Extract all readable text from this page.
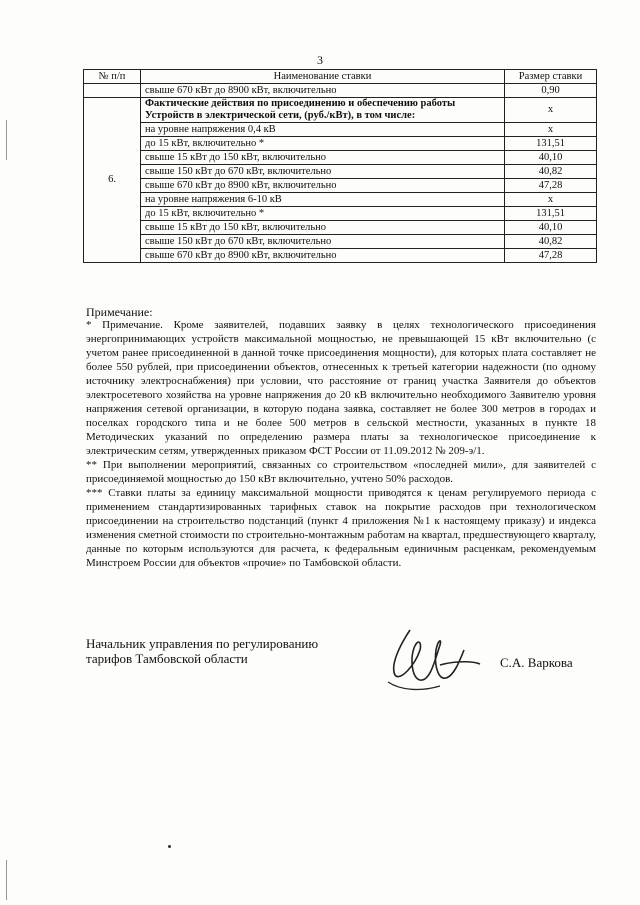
3
№ п/п	Наименование ставки	Размер ставки
	свыше 670 кВт до 8900 кВт, включительно	0,90
6.	Фактические действия по присоединению и обеспечению работы Устройств в электрической сети, (руб./кВт), в том числе:	х
	на уровне напряжения 0,4 кВ	х
	до 15 кВт, включительно *	131,51
	свыше 15 кВт до 150 кВт, включительно	40,10
	свыше 150 кВт до 670 кВт, включительно	40,82
	свыше 670 кВт до 8900 кВт, включительно	47,28
	на уровне напряжения 6-10 кВ	х
	до 15 кВт, включительно *	131,51
	свыше 15 кВт до 150 кВт, включительно	40,10
	свыше 150 кВт до 670 кВт, включительно	40,82
	свыше 670 кВт до 8900 кВт, включительно	47,28
Примечание:

* Примечание. Кроме заявителей, подавших заявку в целях технологического присоединения энергопринимающих устройств максимальной мощностью, не превышающей 15 кВт включительно (с учетом ранее присоединенной в данной точке присоединения мощности), для которых плата составляет не более 550 рублей, при присоединении объектов, отнесенных к третьей категории надежности (по одному источнику электроснабжения) при условии, что расстояние от границ участка Заявителя до объектов электросетевого хозяйства на уровне напряжения до 20 кВ включительно необходимого Заявителю уровня напряжения сетевой организации, в которую подана заявка, составляет не более 300 метров в городах и поселках городского типа и не более 500 метров в сельской местности, указанных в пункте 18 Методических указаний по определению размера платы за технологическое присоединение к электрическим сетям, утвержденных приказом ФСТ России от 11.09.2012 № 209-э/1.

** При выполнении мероприятий, связанных со строительством «последней мили», для заявителей с присоединяемой мощностью до 150 кВт включительно, учтено 50% расходов.

*** Ставки платы за единицу максимальной мощности приводятся к ценам регулируемого периода с применением стандартизированных тарифных ставок на покрытие расходов при технологическом присоединении на строительство подстанций (пункт 4 приложения №1 к настоящему приказу) и индекса изменения сметной стоимости по строительно-монтажным работам на квартал, предшествующего кварталу, данные по которым используются для расчета, к федеральным единичным расценкам, рекомендуемым Минстроем России для объектов «прочие» по Тамбовской области.

Начальник управления по регулированию
тарифов Тамбовской области	С.А. Варкова
